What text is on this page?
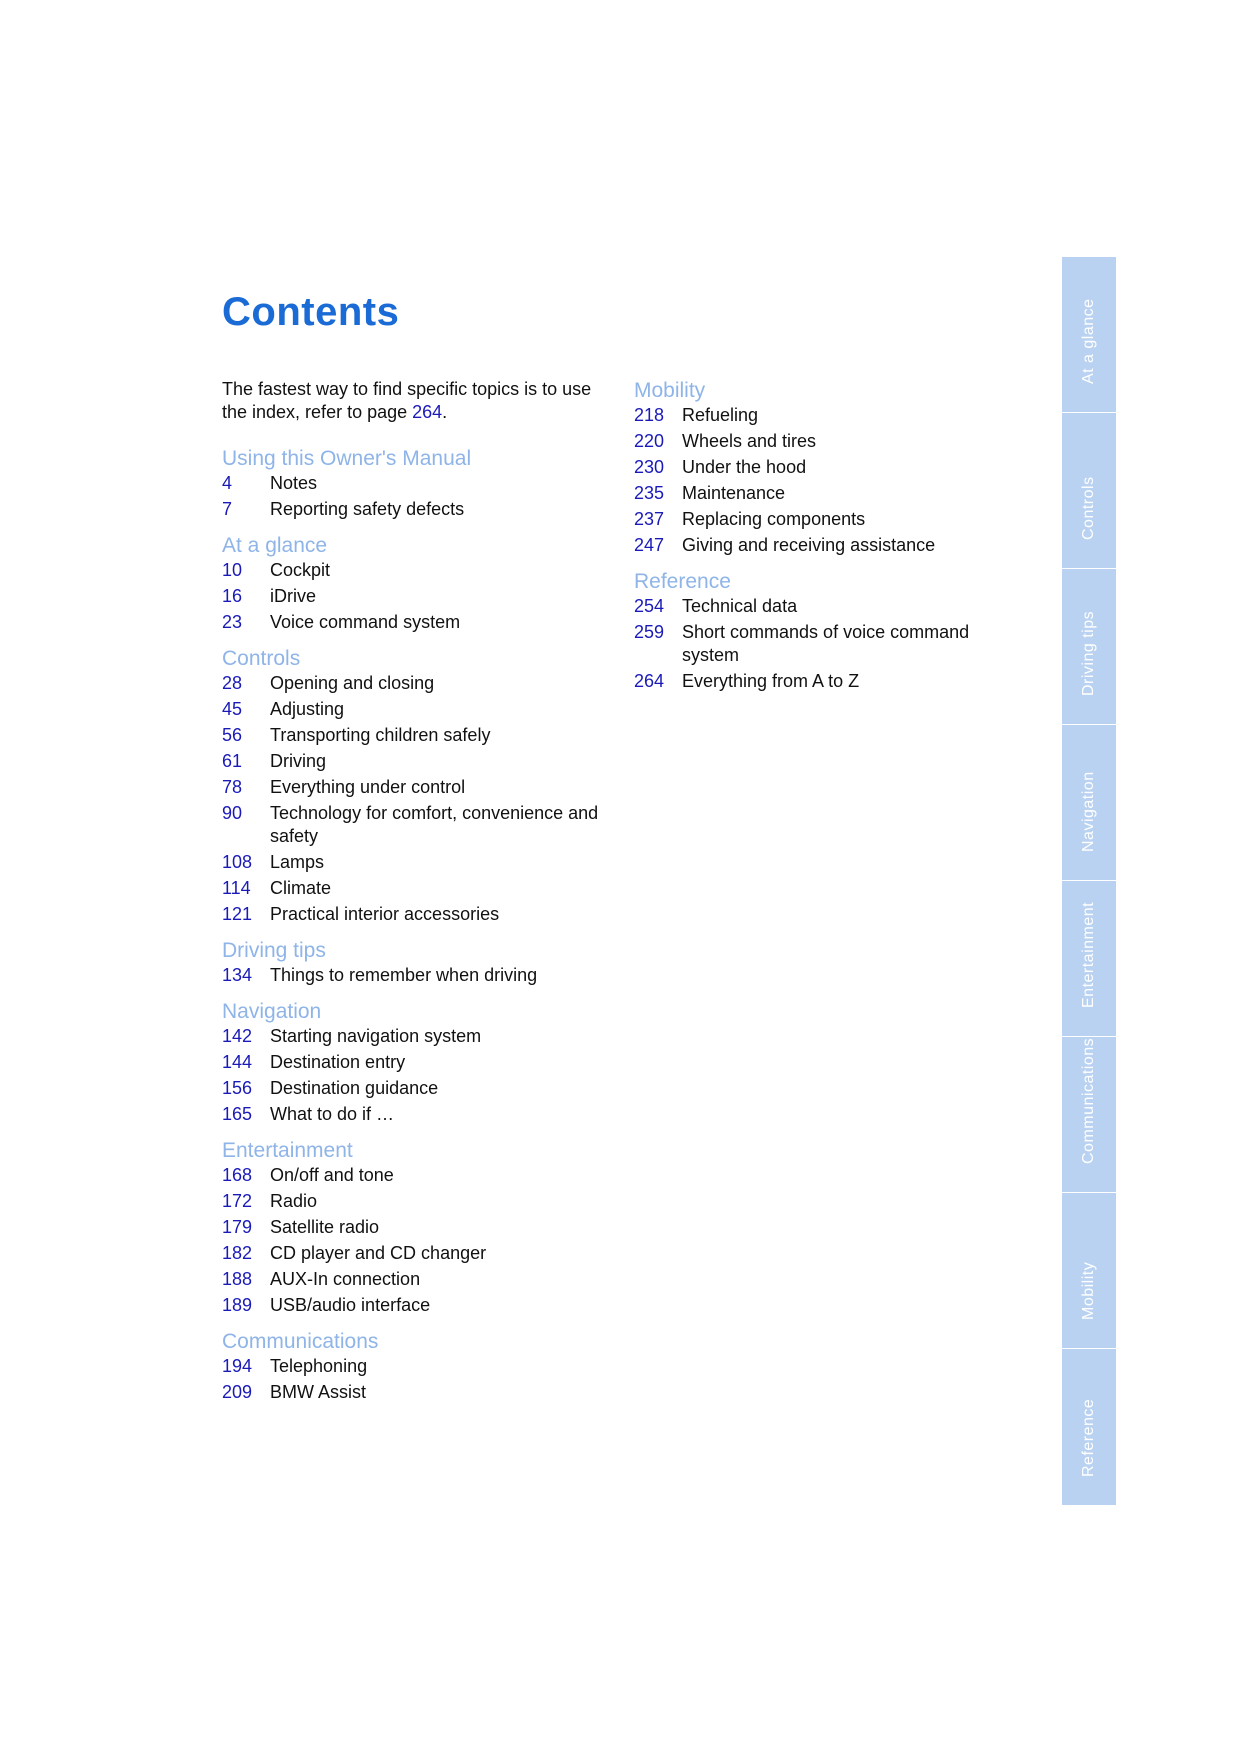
Contents

The fastest way to find specific topics is to use the index, refer to page 264.

Using this Owner's Manual
4	Notes
7	Reporting safety defects
At a glance
10	Cockpit
16	iDrive
23	Voice command system
Controls
28	Opening and closing
45	Adjusting
56	Transporting children safely
61	Driving
78	Everything under control
90	Technology for comfort, convenience and safety
108 Lamps
114	Climate
121 Practical interior accessories
Driving tips
134 Things to remember when driving
Navigation
142 Starting navigation system
144 Destination entry
156 Destination guidance
165 What to do if …
Entertainment
168 On/off and tone
172 Radio
179 Satellite radio
182 CD player and CD changer
188 AUX-In connection
189 USB/audio interface
Communications
194 Telephoning
209 BMW Assist
Mobility
218 Refueling
220 Wheels and tires
230 Under the hood
235 Maintenance
237 Replacing components
247 Giving and receiving assistance
Reference
254 Technical data
259 Short commands of voice command system
264 Everything from A to Z
At a glance
Controls
Driving tips
Navigation
Entertainment
Communications
Mobility
Reference
